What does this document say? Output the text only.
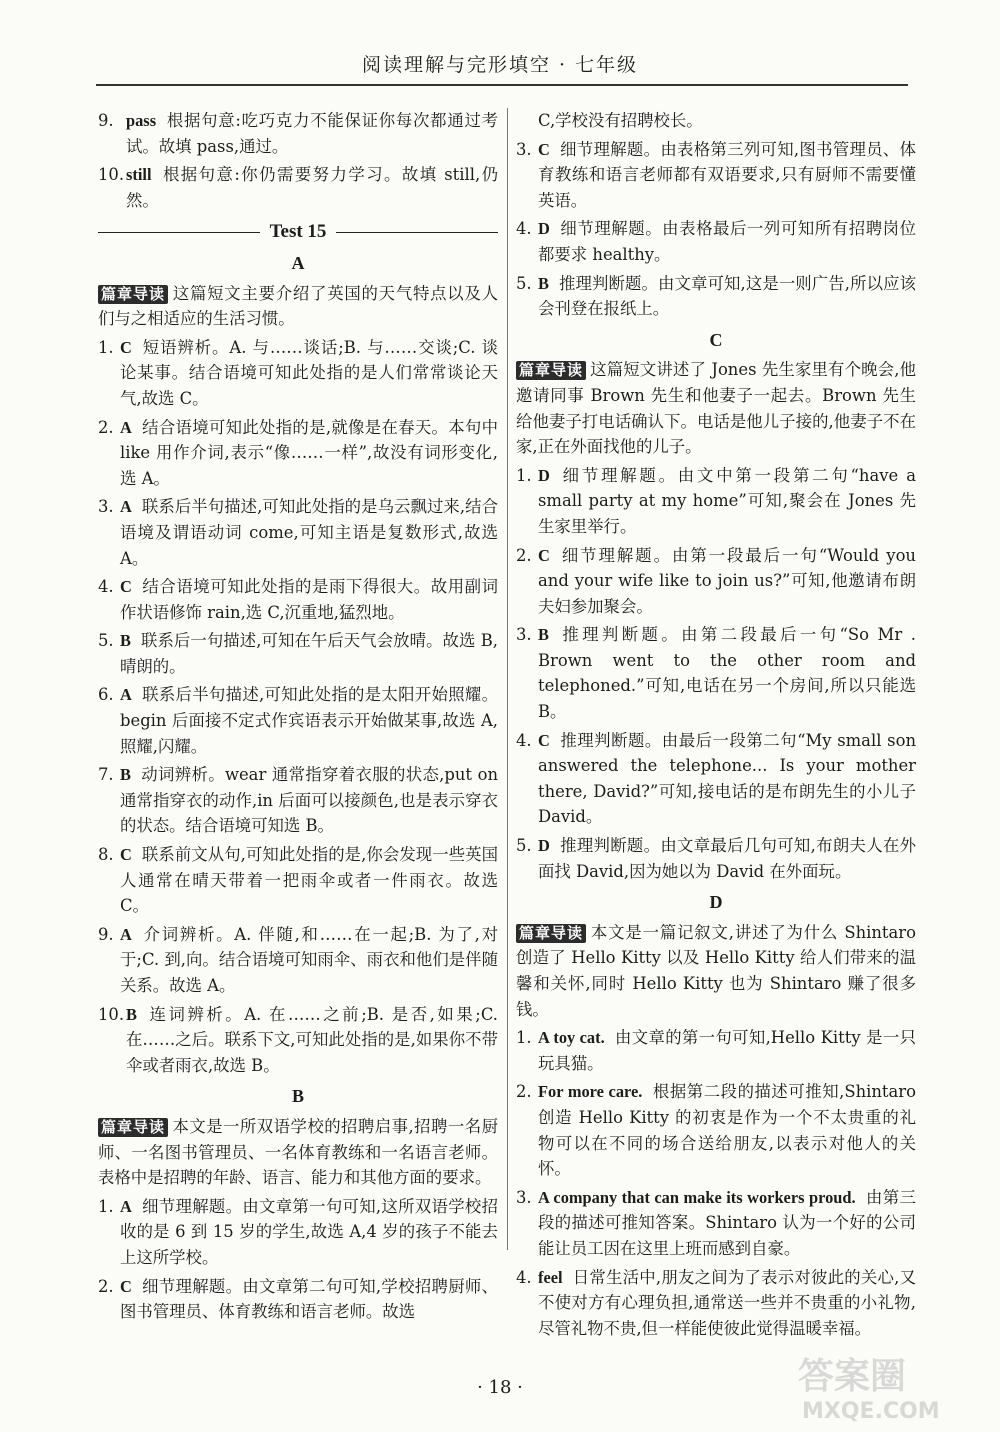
阅读理解与完形填空 · 七年级
9. pass 根据句意:吃巧克力不能保证你每次都通过考试。故填 pass,通过。
10. still 根据句意:你仍需要努力学习。故填 still,仍然。
Test 15
A
篇章导读 这篇短文主要介绍了英国的天气特点以及人们与之相适应的生活习惯。
1. C 短语辨析。A. 与……谈话;B. 与……交谈;C. 谈论某事。结合语境可知此处指的是人们常常谈论天气,故选 C。
2. A 结合语境可知此处指的是,就像是在春天。本句中 like 用作介词,表示“像……一样”,故没有词形变化,选 A。
3. A 联系后半句描述,可知此处指的是乌云飘过来,结合语境及谓语动词 come,可知主语是复数形式,故选 A。
4. C 结合语境可知此处指的是雨下得很大。故用副词作状语修饰 rain,选 C,沉重地,猛烈地。
5. B 联系后一句描述,可知在午后天气会放晴。故选 B,晴朗的。
6. A 联系后半句描述,可知此处指的是太阳开始照耀。begin 后面接不定式作宾语表示开始做某事,故选 A,照耀,闪耀。
7. B 动词辨析。wear 通常指穿着衣服的状态,put on 通常指穿衣的动作,in 后面可以接颜色,也是表示穿衣的状态。结合语境可知选 B。
8. C 联系前文从句,可知此处指的是,你会发现一些英国人通常在晴天带着一把雨伞或者一件雨衣。故选 C。
9. A 介词辨析。A. 伴随,和……在一起;B. 为了,对于;C. 到,向。结合语境可知雨伞、雨衣和他们是伴随关系。故选 A。
10. B 连词辨析。A. 在……之前;B. 是否,如果;C. 在……之后。联系下文,可知此处指的是,如果你不带伞或者雨衣,故选 B。
B
篇章导读 本文是一所双语学校的招聘启事,招聘一名厨师、一名图书管理员、一名体育教练和一名语言老师。表格中是招聘的年龄、语言、能力和其他方面的要求。
1. A 细节理解题。由文章第一句可知,这所双语学校招收的是 6 到 15 岁的学生,故选 A,4 岁的孩子不能去上这所学校。
2. C 细节理解题。由文章第二句可知,学校招聘厨师、图书管理员、体育教练和语言老师。故选
C,学校没有招聘校长。
3. C 细节理解题。由表格第三列可知,图书管理员、体育教练和语言老师都有双语要求,只有厨师不需要懂英语。
4. D 细节理解题。由表格最后一列可知所有招聘岗位都要求 healthy。
5. B 推理判断题。由文章可知,这是一则广告,所以应该会刊登在报纸上。
C
篇章导读 这篇短文讲述了 Jones 先生家里有个晚会,他邀请同事 Brown 先生和他妻子一起去。Brown 先生给他妻子打电话确认下。电话是他儿子接的,他妻子不在家,正在外面找他的儿子。
1. D 细节理解题。由文中第一段第二句“have a small party at my home”可知,聚会在 Jones 先生家里举行。
2. C 细节理解题。由第一段最后一句“Would you and your wife like to join us?”可知,他邀请布朗夫妇参加聚会。
3. B 推理判断题。由第二段最后一句“So Mr . Brown went to the other room and telephoned.”可知,电话在另一个房间,所以只能选 B。
4. C 推理判断题。由最后一段第二句“My small son answered the telephone... Is your mother there, David?”可知,接电话的是布朗先生的小儿子 David。
5. D 推理判断题。由文章最后几句可知,布朗夫人在外面找 David,因为她以为 David 在外面玩。
D
篇章导读 本文是一篇记叙文,讲述了为什么 Shintaro 创造了 Hello Kitty 以及 Hello Kitty 给人们带来的温馨和关怀,同时 Hello Kitty 也为 Shintaro 赚了很多钱。
1. A toy cat. 由文章的第一句可知,Hello Kitty 是一只玩具猫。
2. For more care. 根据第二段的描述可推知,Shintaro 创造 Hello Kitty 的初衷是作为一个不太贵重的礼物可以在不同的场合送给朋友,以表示对他人的关怀。
3. A company that can make its workers proud. 由第三段的描述可推知答案。Shintaro 认为一个好的公司能让员工因在这里上班而感到自豪。
4. feel 日常生活中,朋友之间为了表示对彼此的关心,又不使对方有心理负担,通常送一些并不贵重的小礼物,尽管礼物不贵,但一样能使彼此觉得温暖幸福。
· 18 ·	答案圈
MXQE.COM
